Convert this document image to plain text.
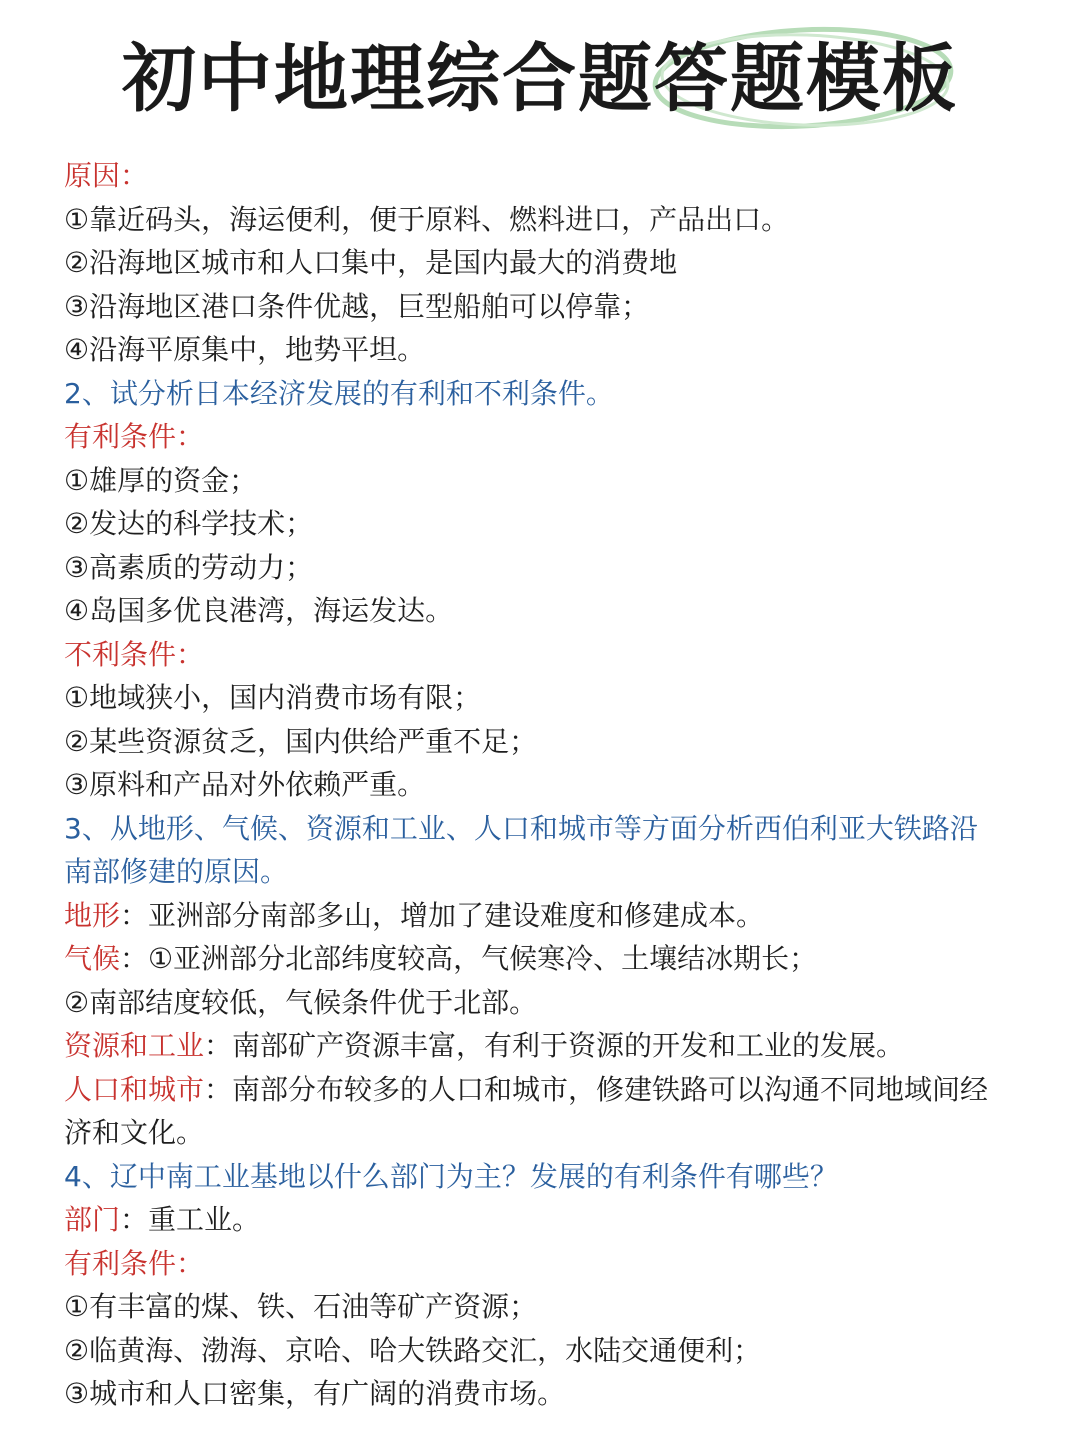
初中地理综合题答题模板
原因：
①靠近码头，海运便利，便于原料、燃料进口，产品出口。
②沿海地区城市和人口集中，是国内最大的消费地
③沿海地区港口条件优越，巨型船舶可以停靠；
④沿海平原集中，地势平坦。
2、试分析日本经济发展的有利和不利条件。
有利条件：
①雄厚的资金；
②发达的科学技术；
③高素质的劳动力；
④岛国多优良港湾，海运发达。
不利条件：
①地域狭小，国内消费市场有限；
②某些资源贫乏，国内供给严重不足；
③原料和产品对外依赖严重。
3、从地形、气候、资源和工业、人口和城市等方面分析西伯利亚大铁路沿
南部修建的原因。
地形：亚洲部分南部多山，增加了建设难度和修建成本。
气候：①亚洲部分北部纬度较高，气候寒冷、土壤结冰期长；
②南部结度较低，气候条件优于北部。
资源和工业：南部矿产资源丰富，有利于资源的开发和工业的发展。
人口和城市：南部分布较多的人口和城市，修建铁路可以沟通不同地域间经
济和文化。
4、辽中南工业基地以什么部门为主？发展的有利条件有哪些？
部门：重工业。
有利条件：
①有丰富的煤、铁、石油等矿产资源；
②临黄海、渤海、京哈、哈大铁路交汇，水陆交通便利；
③城市和人口密集，有广阔的消费市场。
